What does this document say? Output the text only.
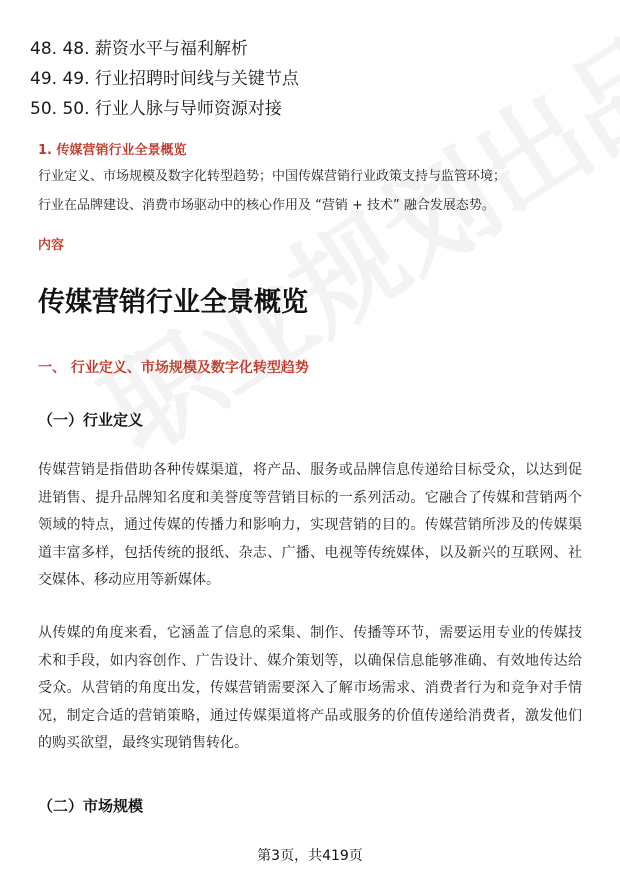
48. 48. 薪资水平与福利解析
49. 49. 行业招聘时间线与关键节点
50. 50. 行业人脉与导师资源对接
1. 传媒营销行业全景概览
行业定义、市场规模及数字化转型趋势；中国传媒营销行业政策支持与监管环境；
行业在品牌建设、消费市场驱动中的核心作用及 “营销 + 技术” 融合发展态势。
内容
传媒营销行业全景概览
一、 行业定义、市场规模及数字化转型趋势
（一）行业定义
传媒营销是指借助各种传媒渠道，将产品、服务或品牌信息传递给目标受众，以达到促进销售、提升品牌知名度和美誉度等营销目标的一系列活动。它融合了传媒和营销两个领域的特点，通过传媒的传播力和影响力，实现营销的目的。传媒营销所涉及的传媒渠道丰富多样，包括传统的报纸、杂志、广播、电视等传统媒体，以及新兴的互联网、社交媒体、移动应用等新媒体。
从传媒的角度来看，它涵盖了信息的采集、制作、传播等环节，需要运用专业的传媒技术和手段，如内容创作、广告设计、媒介策划等，以确保信息能够准确、有效地传达给受众。从营销的角度出发，传媒营销需要深入了解市场需求、消费者行为和竞争对手情况，制定合适的营销策略，通过传媒渠道将产品或服务的价值传递给消费者，激发他们的购买欲望，最终实现销售转化。
（二）市场规模
第3页，共419页
